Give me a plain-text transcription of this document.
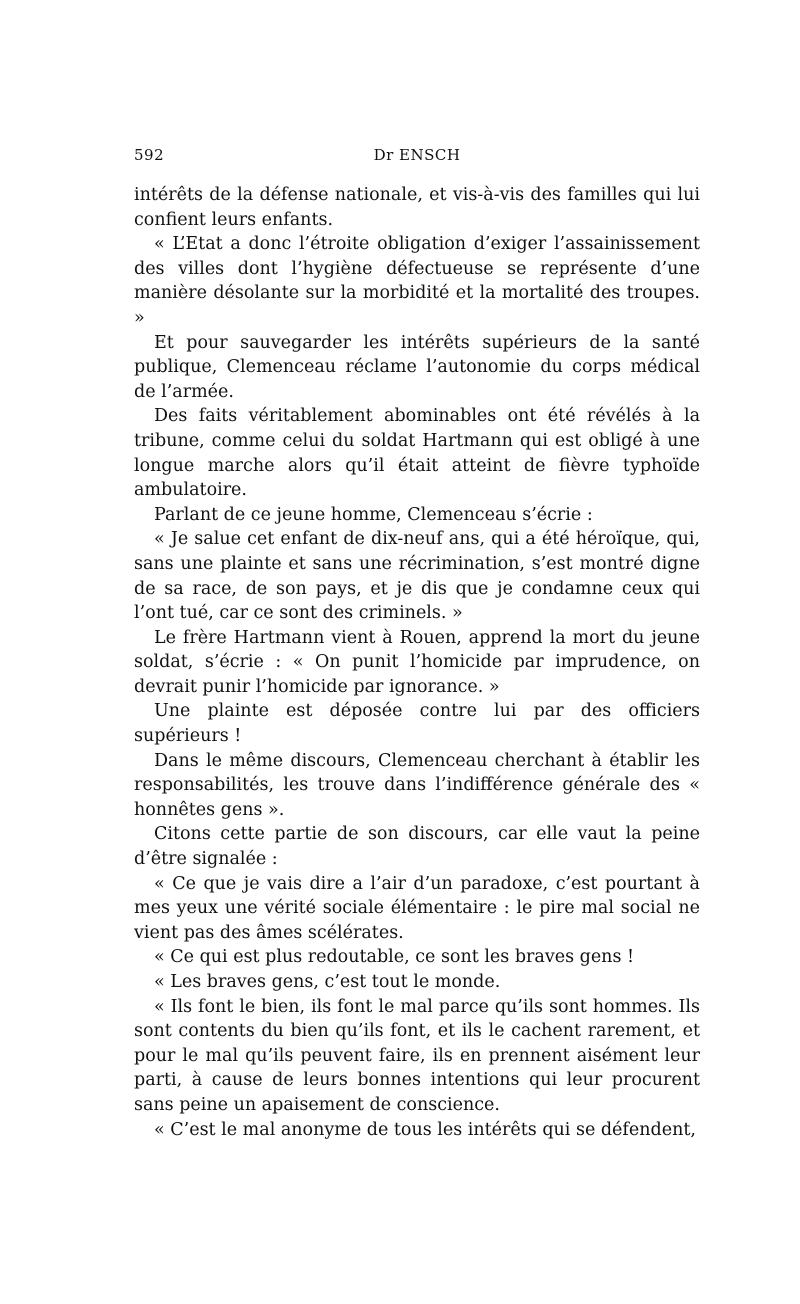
592	Dr ENSCH

intérêts de la défense nationale, et vis-à-vis des familles qui lui confient leurs enfants.

« L’Etat a donc l’étroite obligation d’exiger l’assainissement des villes dont l’hygiène défectueuse se représente d’une manière désolante sur la morbidité et la mortalité des troupes. »

Et pour sauvegarder les intérêts supérieurs de la santé publique, Clemenceau réclame l’autonomie du corps médical de l’armée.

Des faits véritablement abominables ont été révélés à la tribune, comme celui du soldat Hartmann qui est obligé à une longue marche alors qu’il était atteint de fièvre typhoïde ambulatoire.

Parlant de ce jeune homme, Clemenceau s’écrie :

« Je salue cet enfant de dix-neuf ans, qui a été héroïque, qui, sans une plainte et sans une récrimination, s’est montré digne de sa race, de son pays, et je dis que je condamne ceux qui l’ont tué, car ce sont des criminels. »

Le frère Hartmann vient à Rouen, apprend la mort du jeune soldat, s’écrie : « On punit l’homicide par imprudence, on devrait punir l’homicide par ignorance. »

Une plainte est déposée contre lui par des officiers supérieurs !

Dans le même discours, Clemenceau cherchant à établir les responsabilités, les trouve dans l’indifférence générale des « honnêtes gens ».

Citons cette partie de son discours, car elle vaut la peine d’être signalée :

« Ce que je vais dire a l’air d’un paradoxe, c’est pourtant à mes yeux une vérité sociale élémentaire : le pire mal social ne vient pas des âmes scélérates.

« Ce qui est plus redoutable, ce sont les braves gens !

« Les braves gens, c’est tout le monde.

« Ils font le bien, ils font le mal parce qu’ils sont hommes. Ils sont contents du bien qu’ils font, et ils le cachent rarement, et pour le mal qu’ils peuvent faire, ils en prennent aisément leur parti, à cause de leurs bonnes intentions qui leur procurent sans peine un apaisement de conscience.

« C’est le mal anonyme de tous les intérêts qui se défendent,
